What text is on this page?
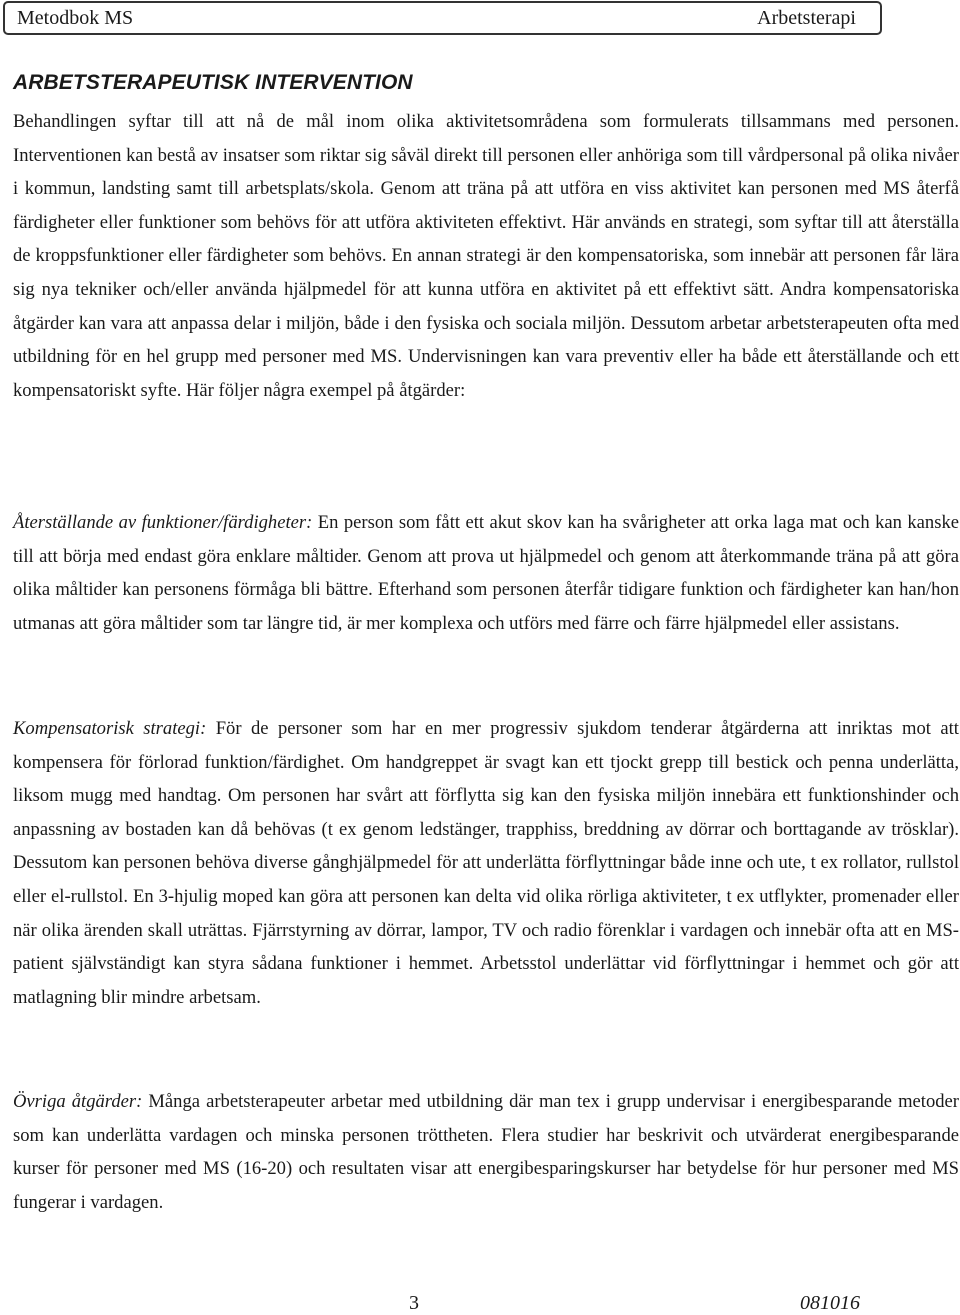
Metodbok MS	Arbetsterapi
ARBETSTERAPEUTISK INTERVENTION

Behandlingen syftar till att nå de mål inom olika aktivitetsområdena som formulerats tillsammans med personen. Interventionen kan bestå av insatser som riktar sig såväl direkt till personen eller anhöriga som till vårdpersonal på olika nivåer i kommun, landsting samt till arbetsplats/skola. Genom att träna på att utföra en viss aktivitet kan personen med MS återfå färdigheter eller funktioner som behövs för att utföra aktiviteten effektivt. Här används en strategi, som syftar till att återställa de kroppsfunktioner eller färdigheter som behövs. En annan strategi är den kompensatoriska, som innebär att personen får lära sig nya tekniker och/eller använda hjälpmedel för att kunna utföra en aktivitet på ett effektivt sätt. Andra kompensatoriska åtgärder kan vara att anpassa delar i miljön, både i den fysiska och sociala miljön. Dessutom arbetar arbetsterapeuten ofta med utbildning för en hel grupp med personer med MS. Undervisningen kan vara preventiv eller ha både ett återställande och ett kompensatoriskt syfte. Här följer några exempel på åtgärder:

Återställande av funktioner/färdigheter: En person som fått ett akut skov kan ha svårigheter att orka laga mat och kan kanske till att börja med endast göra enklare måltider. Genom att prova ut hjälpmedel och genom att återkommande träna på att göra olika måltider kan personens förmåga bli bättre. Efterhand som personen återfår tidigare funktion och färdigheter kan han/hon utmanas att göra måltider som tar längre tid, är mer komplexa och utförs med färre och färre hjälpmedel eller assistans.

Kompensatorisk strategi: För de personer som har en mer progressiv sjukdom tenderar åtgärderna att inriktas mot att kompensera för förlorad funktion/färdighet. Om handgreppet är svagt kan ett tjockt grepp till bestick och penna underlätta, liksom mugg med handtag. Om personen har svårt att förflytta sig kan den fysiska miljön innebära ett funktionshinder och anpassning av bostaden kan då behövas (t ex genom ledstänger, trapphiss, breddning av dörrar och borttagande av trösklar). Dessutom kan personen behöva diverse gånghjälpmedel för att underlätta förflyttningar både inne och ute, t ex rollator, rullstol eller el-rullstol. En 3-hjulig moped kan göra att personen kan delta vid olika rörliga aktiviteter, t ex utflykter, promenader eller när olika ärenden skall uträttas. Fjärrstyrning av dörrar, lampor, TV och radio förenklar i vardagen och innebär ofta att en MS-patient självständigt kan styra sådana funktioner i hemmet. Arbetsstol underlättar vid förflyttningar i hemmet och gör att matlagning blir mindre arbetsam.

Övriga åtgärder: Många arbetsterapeuter arbetar med utbildning där man tex i grupp undervisar i energibesparande metoder som kan underlätta vardagen och minska personen tröttheten. Flera studier har beskrivit och utvärderat energibesparande kurser för personer med MS (16-20) och resultaten visar att energibesparingskurser har betydelse för hur personer med MS fungerar i vardagen.

3	081016
